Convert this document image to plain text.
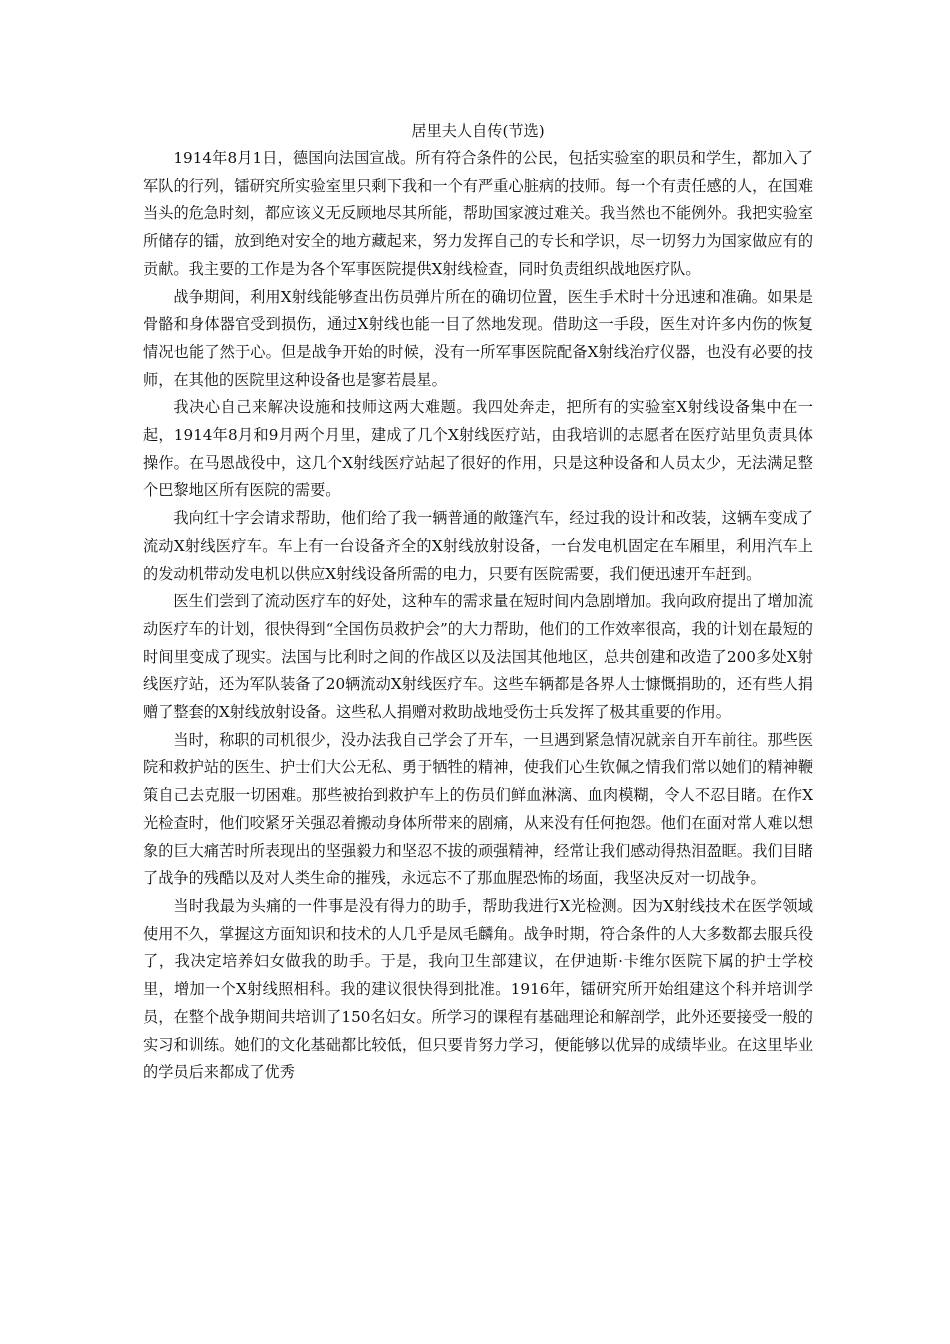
居里夫人自传(节选)

1914年8月1日，德国向法国宣战。所有符合条件的公民，包括实验室的职员和学生，都加入了军队的行列，镭研究所实验室里只剩下我和一个有严重心脏病的技师。每一个有责任感的人，在国难当头的危急时刻，都应该义无反顾地尽其所能，帮助国家渡过难关。我当然也不能例外。我把实验室所储存的镭，放到绝对安全的地方藏起来，努力发挥自己的专长和学识，尽一切努力为国家做应有的贡献。我主要的工作是为各个军事医院提供X射线检查，同时负责组织战地医疗队。

战争期间，利用X射线能够查出伤员弹片所在的确切位置，医生手术时十分迅速和准确。如果是骨骼和身体器官受到损伤，通过X射线也能一目了然地发现。借助这一手段，医生对许多内伤的恢复情况也能了然于心。但是战争开始的时候，没有一所军事医院配备X射线治疗仪器，也没有必要的技师，在其他的医院里这种设备也是寥若晨星。

我决心自己来解决设施和技师这两大难题。我四处奔走，把所有的实验室X射线设备集中在一起，1914年8月和9月两个月里，建成了几个X射线医疗站，由我培训的志愿者在医疗站里负责具体操作。在马恩战役中，这几个X射线医疗站起了很好的作用，只是这种设备和人员太少，无法满足整个巴黎地区所有医院的需要。

我向红十字会请求帮助，他们给了我一辆普通的敞篷汽车，经过我的设计和改装，这辆车变成了流动X射线医疗车。车上有一台设备齐全的X射线放射设备，一台发电机固定在车厢里，利用汽车上的发动机带动发电机以供应X射线设备所需的电力，只要有医院需要，我们便迅速开车赶到。

医生们尝到了流动医疗车的好处，这种车的需求量在短时间内急剧增加。我向政府提出了增加流动医疗车的计划，很快得到“全国伤员救护会”的大力帮助，他们的工作效率很高，我的计划在最短的时间里变成了现实。法国与比利时之间的作战区以及法国其他地区，总共创建和改造了200多处X射线医疗站，还为军队装备了20辆流动X射线医疗车。这些车辆都是各界人士慷慨捐助的，还有些人捐赠了整套的X射线放射设备。这些私人捐赠对救助战地受伤士兵发挥了极其重要的作用。

当时，称职的司机很少，没办法我自己学会了开车，一旦遇到紧急情况就亲自开车前往。那些医院和救护站的医生、护士们大公无私、勇于牺牲的精神，使我们心生钦佩之情我们常以她们的精神鞭策自己去克服一切困难。那些被抬到救护车上的伤员们鲜血淋漓、血肉模糊，令人不忍目睹。在作X光检查时，他们咬紧牙关强忍着搬动身体所带来的剧痛，从来没有任何抱怨。他们在面对常人难以想象的巨大痛苦时所表现出的坚强毅力和坚忍不拔的顽强精神，经常让我们感动得热泪盈眶。我们目睹了战争的残酷以及对人类生命的摧残，永远忘不了那血腥恐怖的场面，我坚决反对一切战争。

当时我最为头痛的一件事是没有得力的助手，帮助我进行X光检测。因为X射线技术在医学领域使用不久，掌握这方面知识和技术的人几乎是凤毛麟角。战争时期，符合条件的人大多数都去服兵役了，我决定培养妇女做我的助手。于是，我向卫生部建议，在伊迪斯·卡维尔医院下属的护士学校里，增加一个X射线照相科。我的建议很快得到批准。1916年，镭研究所开始组建这个科并培训学员，在整个战争期间共培训了150名妇女。所学习的课程有基础理论和解剖学，此外还要接受一般的实习和训练。她们的文化基础都比较低，但只要肯努力学习，便能够以优异的成绩毕业。在这里毕业的学员后来都成了优秀
